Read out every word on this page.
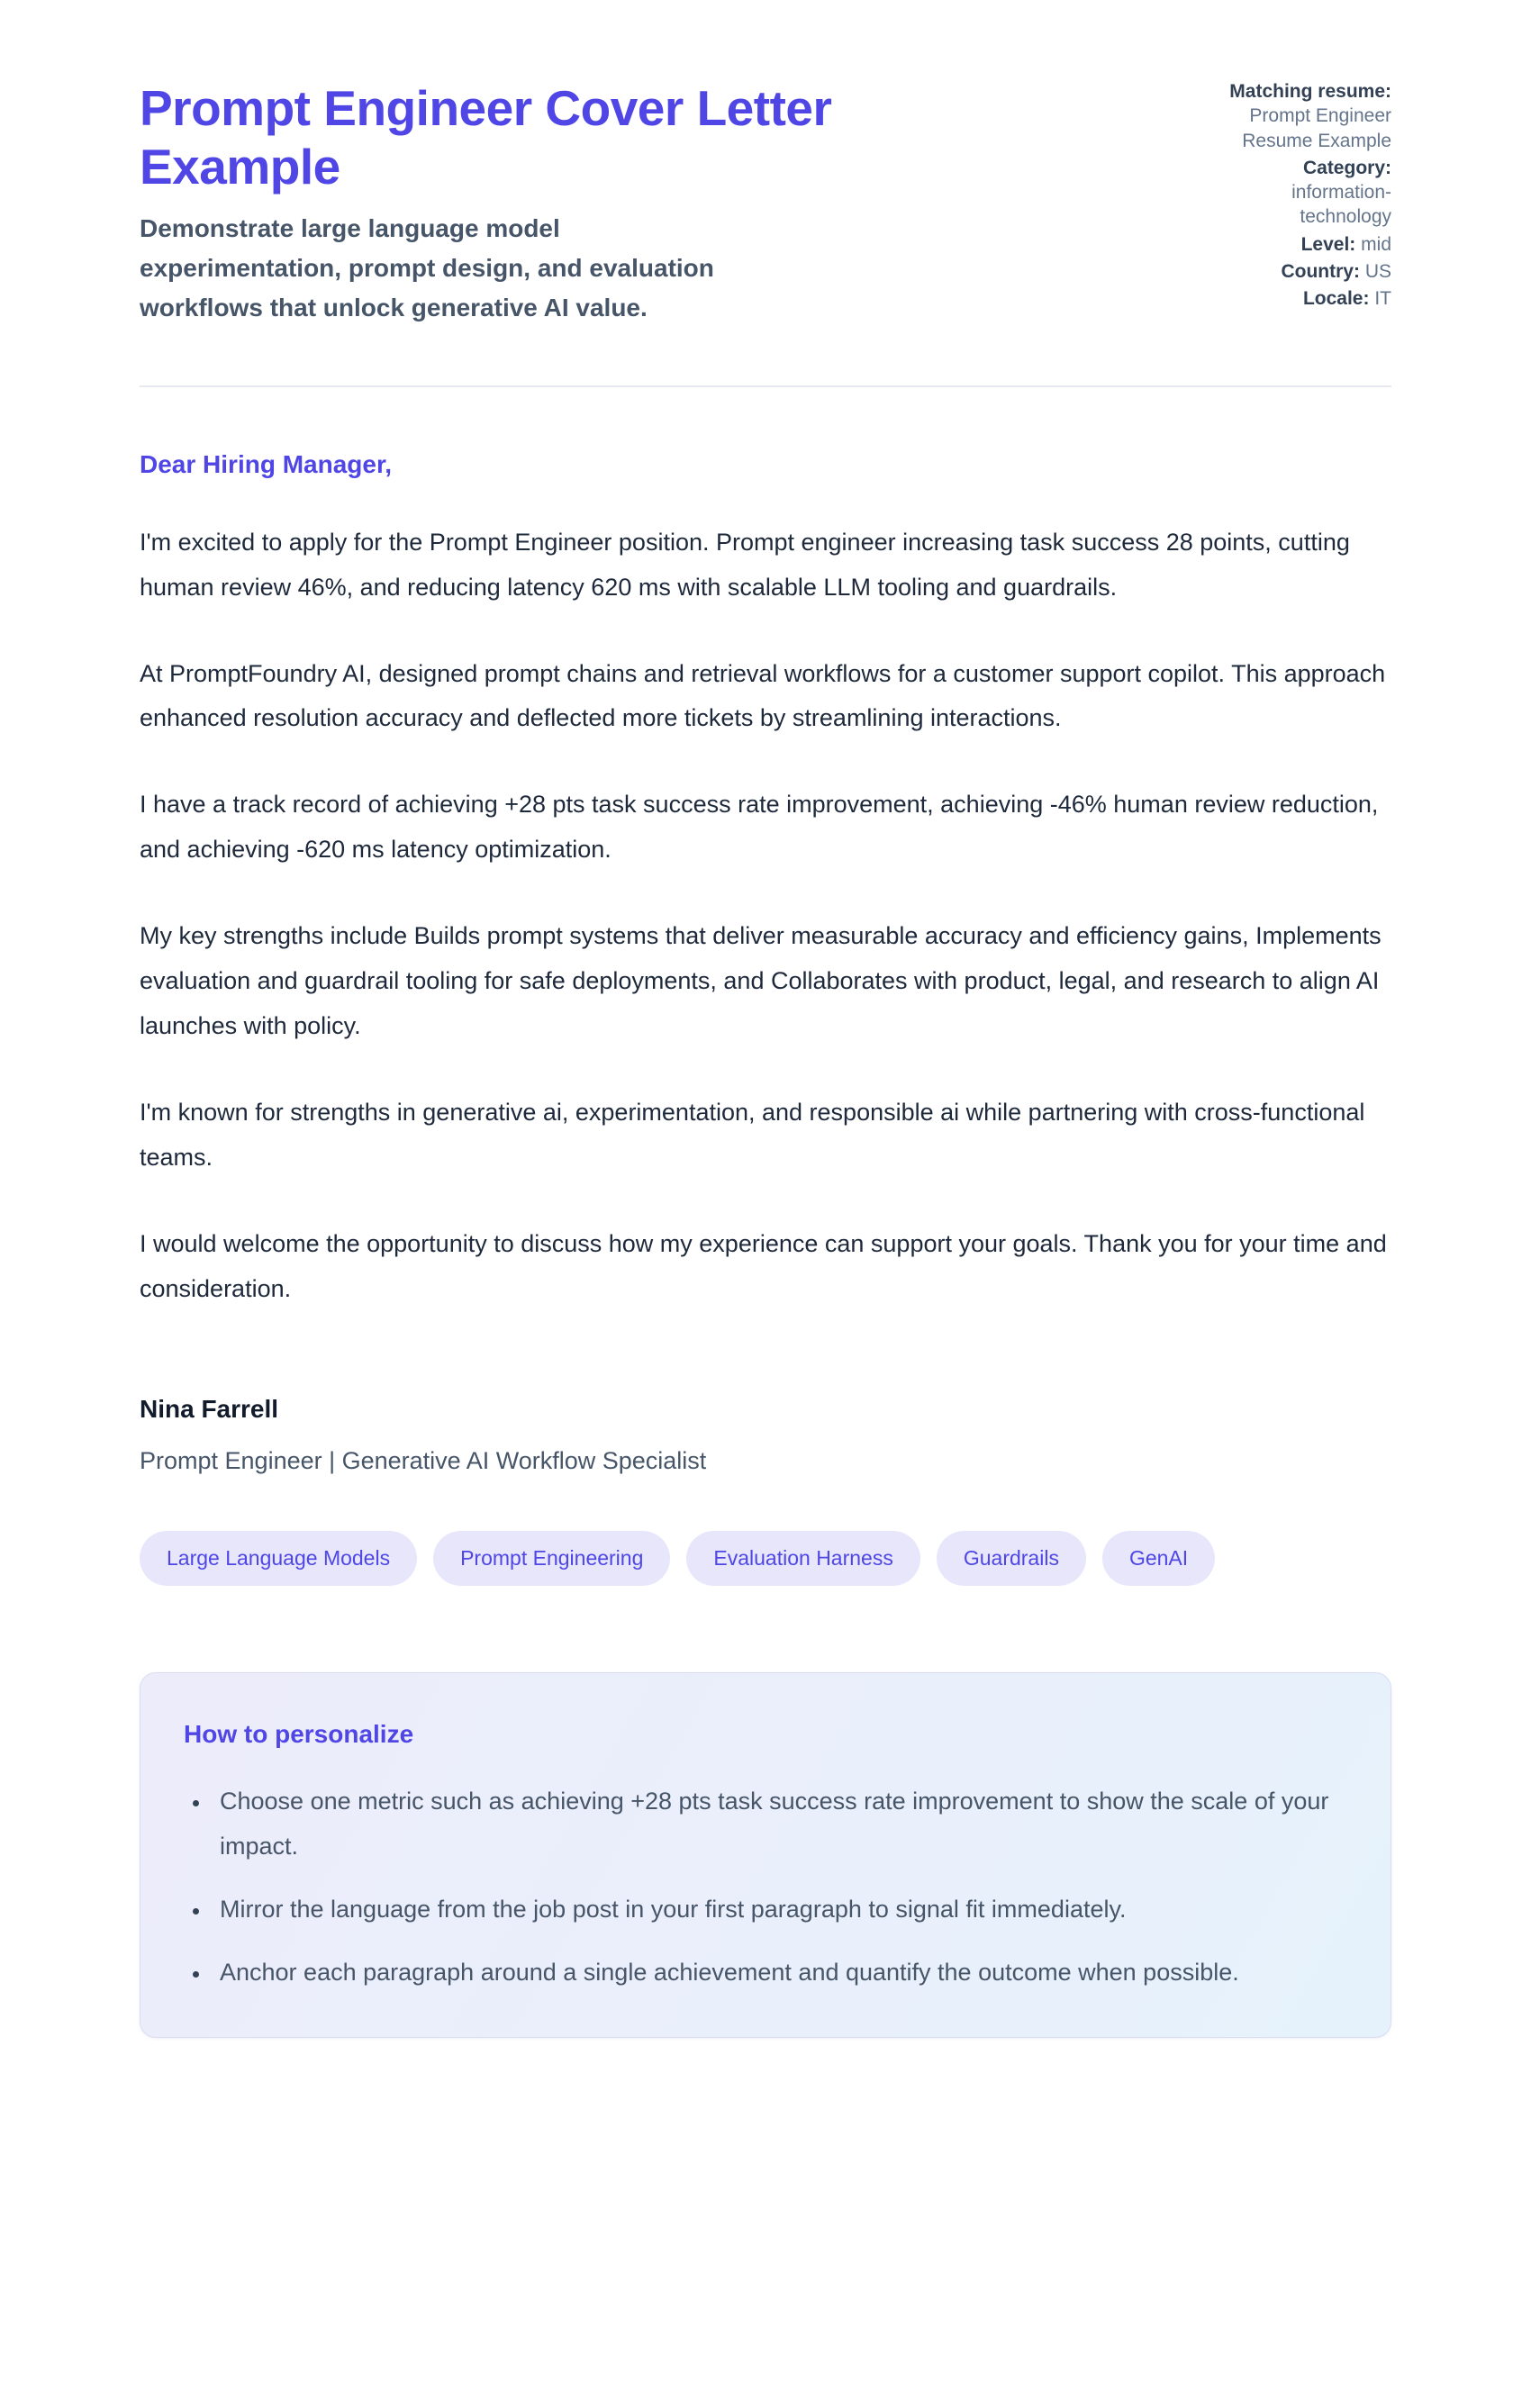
Prompt Engineer Cover Letter Example

Demonstrate large language model experimentation, prompt design, and evaluation workflows that unlock generative AI value.

Matching resume: Prompt Engineer Resume Example
Category: information-technology
Level: mid
Country: US
Locale: IT

Dear Hiring Manager,

I'm excited to apply for the Prompt Engineer position. Prompt engineer increasing task success 28 points, cutting human review 46%, and reducing latency 620 ms with scalable LLM tooling and guardrails.

At PromptFoundry AI, designed prompt chains and retrieval workflows for a customer support copilot. This approach enhanced resolution accuracy and deflected more tickets by streamlining interactions.

I have a track record of achieving +28 pts task success rate improvement, achieving -46% human review reduction, and achieving -620 ms latency optimization.

My key strengths include Builds prompt systems that deliver measurable accuracy and efficiency gains, Implements evaluation and guardrail tooling for safe deployments, and Collaborates with product, legal, and research to align AI launches with policy.

I'm known for strengths in generative ai, experimentation, and responsible ai while partnering with cross-functional teams.

I would welcome the opportunity to discuss how my experience can support your goals. Thank you for your time and consideration.

Nina Farrell

Prompt Engineer | Generative AI Workflow Specialist

Large Language Models	Prompt Engineering	Evaluation Harness	Guardrails	GenAI
How to personalize
• Choose one metric such as achieving +28 pts task success rate improvement to show the scale of your impact.
• Mirror the language from the job post in your first paragraph to signal fit immediately.
• Anchor each paragraph around a single achievement and quantify the outcome when possible.
